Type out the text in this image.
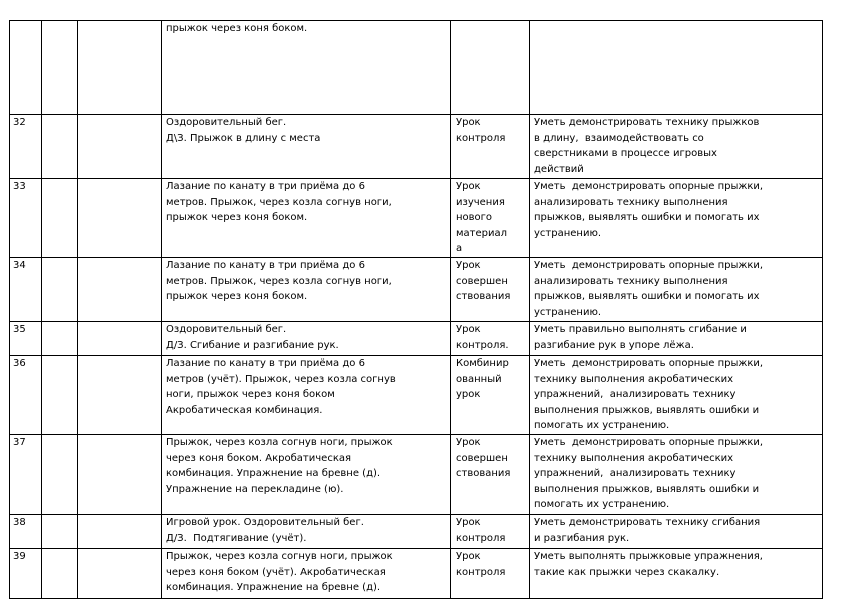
			прыжок через коня боком.		

32			Оздоровительный бег.
Д\З. Прыжок в длину с места	Урок
контроля	Уметь демонстрировать технику прыжков
в длину,  взаимодействовать со
сверстниками в процессе игровых
действий

33			Лазание по канату в три приёма до 6
метров. Прыжок, через козла согнув ноги,
прыжок через коня боком.	Урок
изучения
нового
материал
а	Уметь  демонстрировать опорные прыжки,
анализировать технику выполнения
прыжков, выявлять ошибки и помогать их
устранению.

34			Лазание по канату в три приёма до 6
метров. Прыжок, через козла согнув ноги,
прыжок через коня боком.	Урок
совершен
ствования	Уметь  демонстрировать опорные прыжки,
анализировать технику выполнения
прыжков, выявлять ошибки и помогать их
устранению.

35			Оздоровительный бег.
Д/З. Сгибание и разгибание рук.	Урок
контроля.	Уметь правильно выполнять сгибание и
разгибание рук в упоре лёжа.

36			Лазание по канату в три приёма до 6
метров (учёт). Прыжок, через козла согнув
ноги, прыжок через коня боком
Акробатическая комбинация.	Комбинир
ованный
урок	Уметь  демонстрировать опорные прыжки,
технику выполнения акробатических
упражнений,  анализировать технику
выполнения прыжков, выявлять ошибки и
помогать их устранению.

37			Прыжок, через козла согнув ноги, прыжок
через коня боком. Акробатическая
комбинация. Упражнение на бревне (д).
Упражнение на перекладине (ю).	Урок
совершен
ствования	Уметь  демонстрировать опорные прыжки,
технику выполнения акробатических
упражнений,  анализировать технику
выполнения прыжков, выявлять ошибки и
помогать их устранению.

38			Игровой урок. Оздоровительный бег.
Д/З.  Подтягивание (учёт).	Урок
контроля	Уметь демонстрировать технику сгибания
и разгибания рук.

39			Прыжок, через козла согнув ноги, прыжок
через коня боком (учёт). Акробатическая
комбинация. Упражнение на бревне (д).	Урок
контроля	Уметь выполнять прыжковые упражнения,
такие как прыжки через скакалку.
